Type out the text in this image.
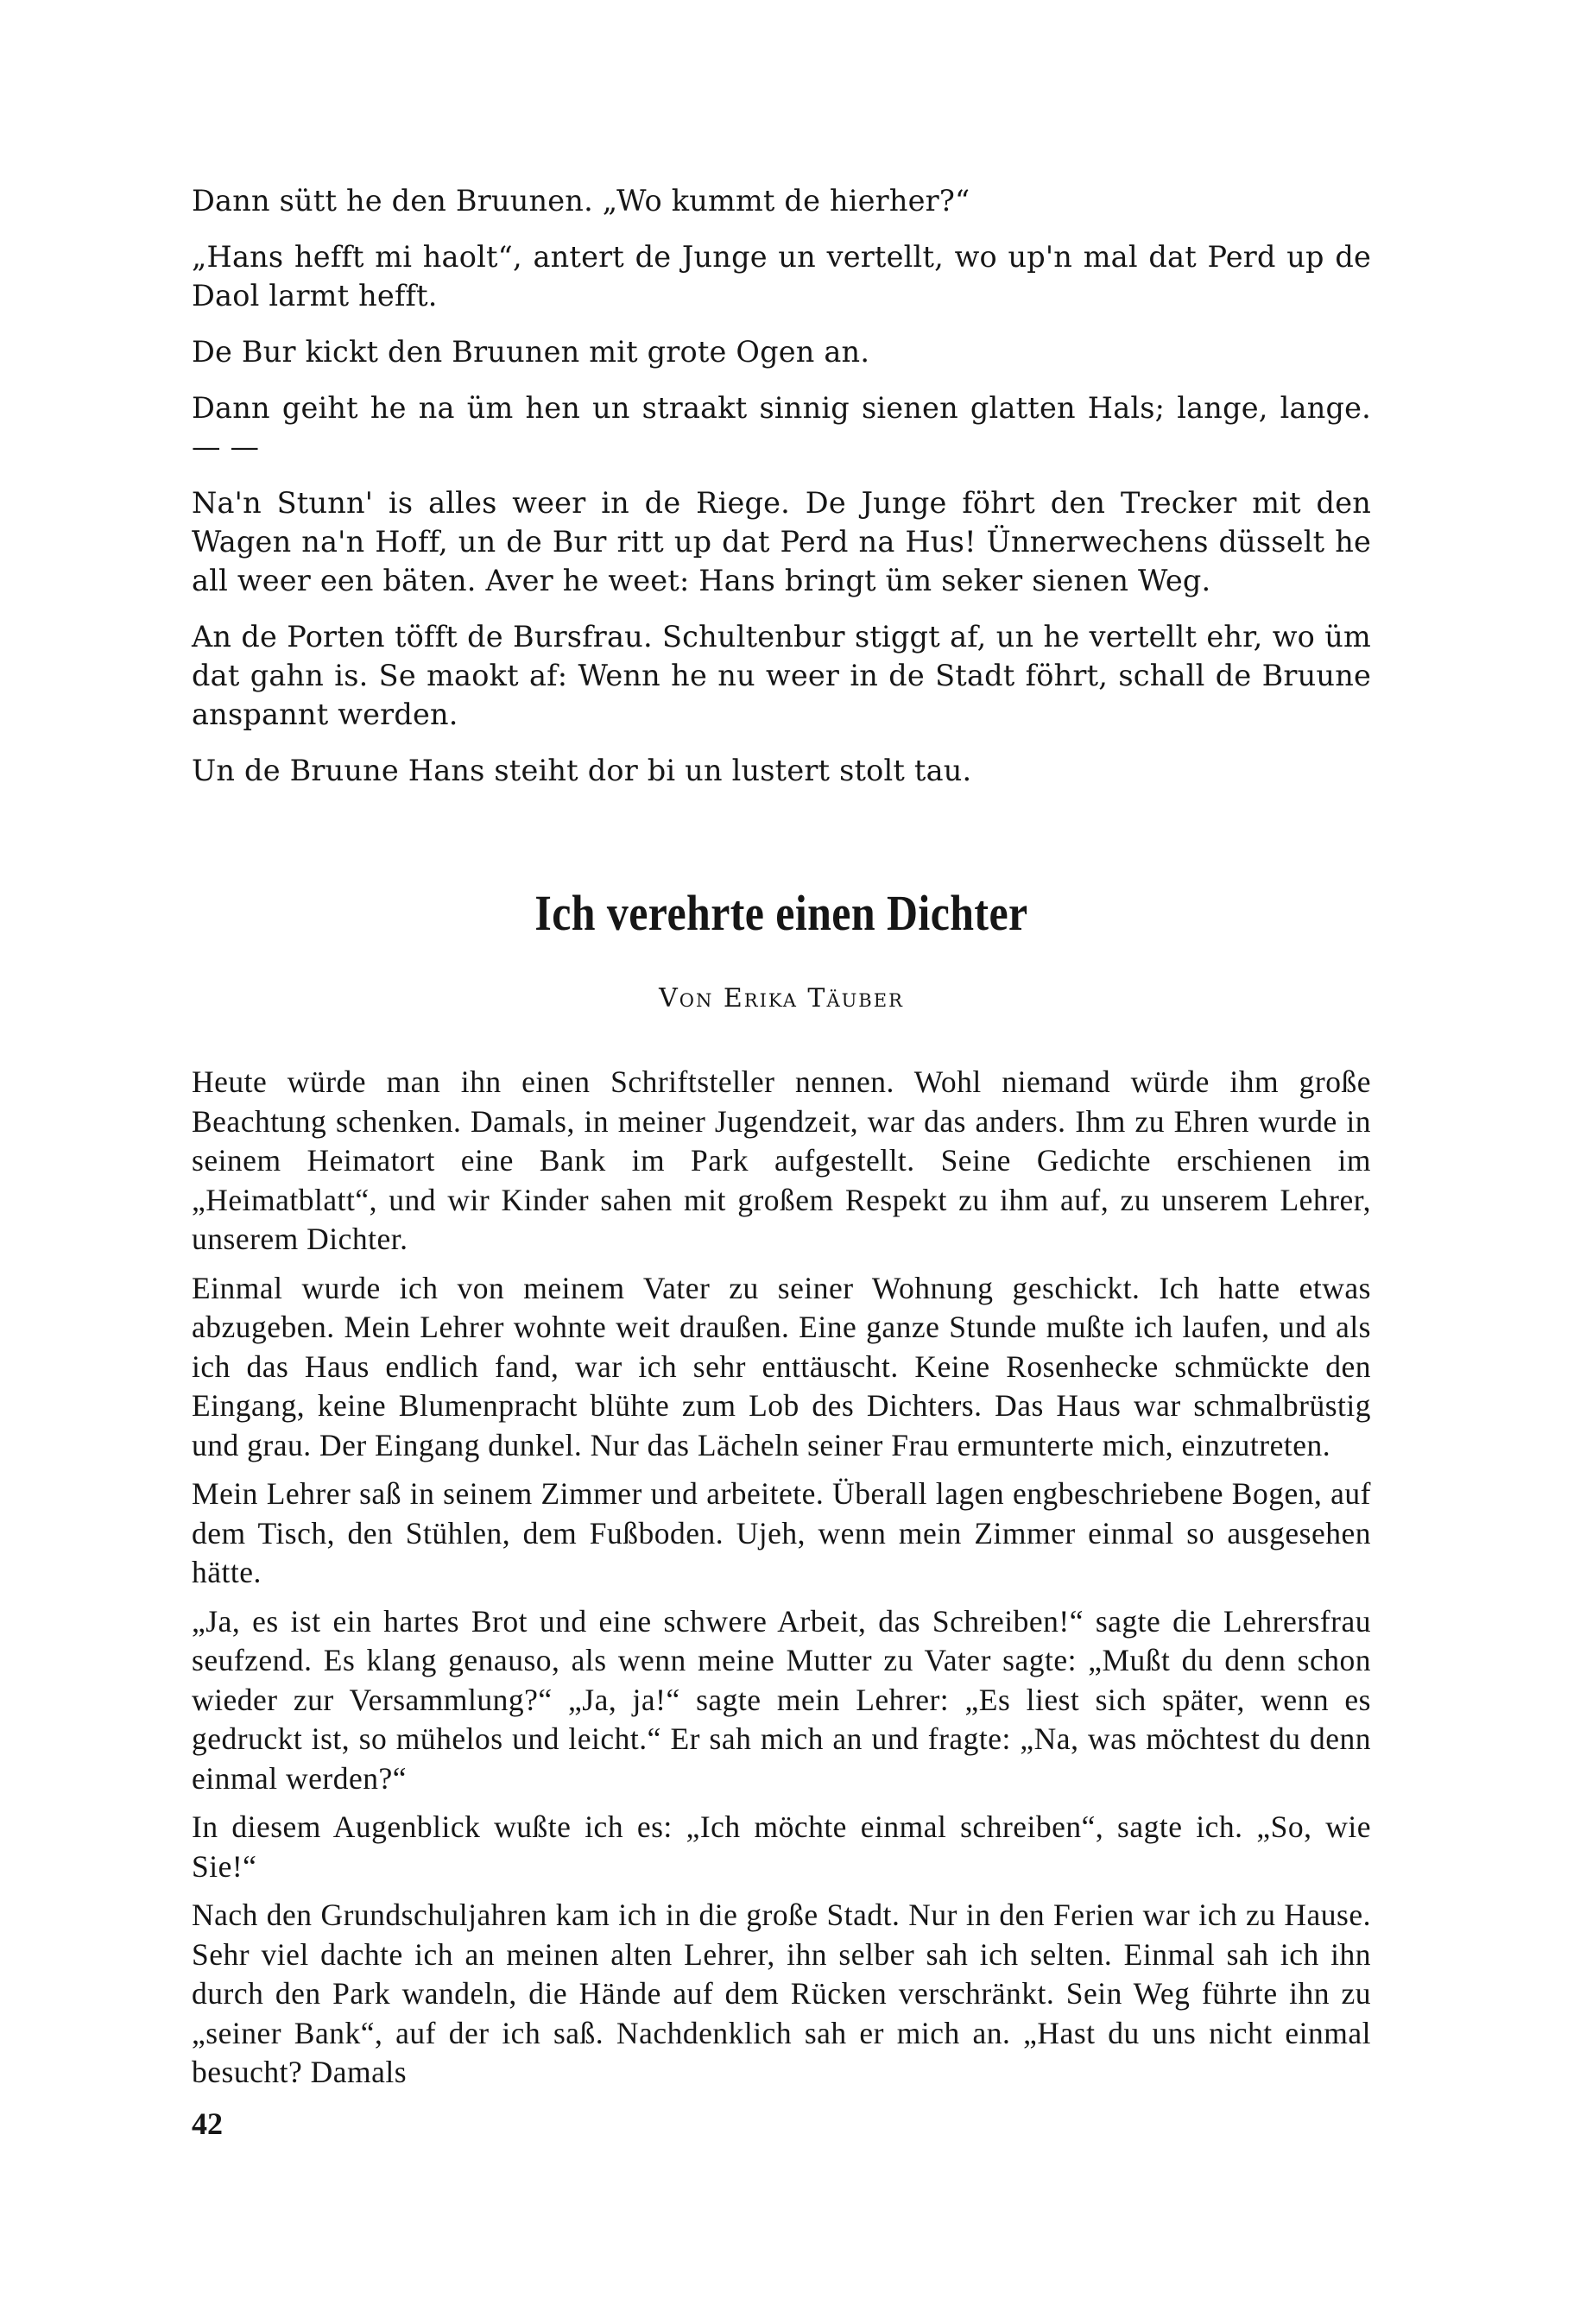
Dann sütt he den Bruunen. „Wo kummt de hierher?“

„Hans hefft mi haolt“, antert de Junge un vertellt, wo up'n mal dat Perd up de Daol larmt hefft.

De Bur kickt den Bruunen mit grote Ogen an.

Dann geiht he na üm hen un straakt sinnig sienen glatten Hals; lange, lange. — —

Na'n Stunn' is alles weer in de Riege. De Junge föhrt den Trecker mit den Wagen na'n Hoff, un de Bur ritt up dat Perd na Hus! Ünnerwechens düsselt he all weer een bäten. Aver he weet: Hans bringt üm seker sienen Weg.

An de Porten töfft de Bursfrau. Schultenbur stiggt af, un he vertellt ehr, wo üm dat gahn is. Se maokt af: Wenn he nu weer in de Stadt föhrt, schall de Bruune anspannt werden.

Un de Bruune Hans steiht dor bi un lustert stolt tau.

Ich verehrte einen Dichter
Von Erika Täuber

Heute würde man ihn einen Schriftsteller nennen. Wohl niemand würde ihm große Beachtung schenken. Damals, in meiner Jugendzeit, war das anders. Ihm zu Ehren wurde in seinem Heimatort eine Bank im Park aufgestellt. Seine Gedichte erschienen im „Heimatblatt“, und wir Kinder sahen mit großem Respekt zu ihm auf, zu unserem Lehrer, unserem Dichter.

Einmal wurde ich von meinem Vater zu seiner Wohnung geschickt. Ich hatte etwas abzugeben. Mein Lehrer wohnte weit draußen. Eine ganze Stunde mußte ich laufen, und als ich das Haus endlich fand, war ich sehr enttäuscht. Keine Rosenhecke schmückte den Eingang, keine Blumenpracht blühte zum Lob des Dichters. Das Haus war schmalbrüstig und grau. Der Eingang dunkel. Nur das Lächeln seiner Frau ermunterte mich, einzutreten.

Mein Lehrer saß in seinem Zimmer und arbeitete. Überall lagen engbeschriebene Bogen, auf dem Tisch, den Stühlen, dem Fußboden. Ujeh, wenn mein Zimmer einmal so ausgesehen hätte.

„Ja, es ist ein hartes Brot und eine schwere Arbeit, das Schreiben!“ sagte die Lehrersfrau seufzend. Es klang genauso, als wenn meine Mutter zu Vater sagte: „Mußt du denn schon wieder zur Versammlung?“ „Ja, ja!“ sagte mein Lehrer: „Es liest sich später, wenn es gedruckt ist, so mühelos und leicht.“ Er sah mich an und fragte: „Na, was möchtest du denn einmal werden?“

In diesem Augenblick wußte ich es: „Ich möchte einmal schreiben“, sagte ich. „So, wie Sie!“

Nach den Grundschuljahren kam ich in die große Stadt. Nur in den Ferien war ich zu Hause. Sehr viel dachte ich an meinen alten Lehrer, ihn selber sah ich selten. Einmal sah ich ihn durch den Park wandeln, die Hände auf dem Rücken verschränkt. Sein Weg führte ihn zu „seiner Bank“, auf der ich saß. Nachdenklich sah er mich an. „Hast du uns nicht einmal besucht? Damals

42
